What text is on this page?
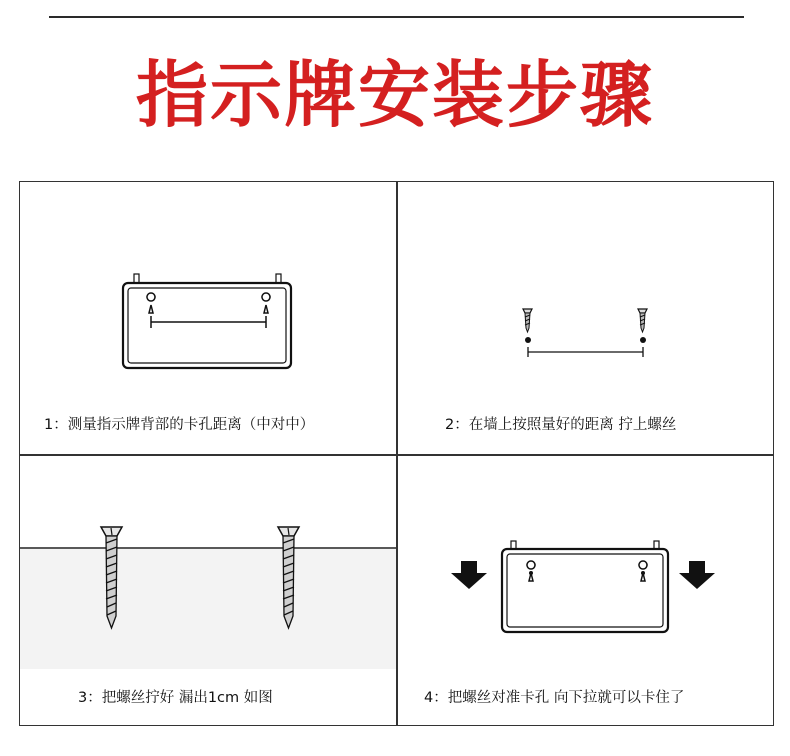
指示牌安装步骤
1：测量指示牌背部的卡孔距离（中对中）	2：在墙上按照量好的距离 拧上螺丝
3：把螺丝拧好 漏出1cm 如图	4：把螺丝对准卡孔 向下拉就可以卡住了
